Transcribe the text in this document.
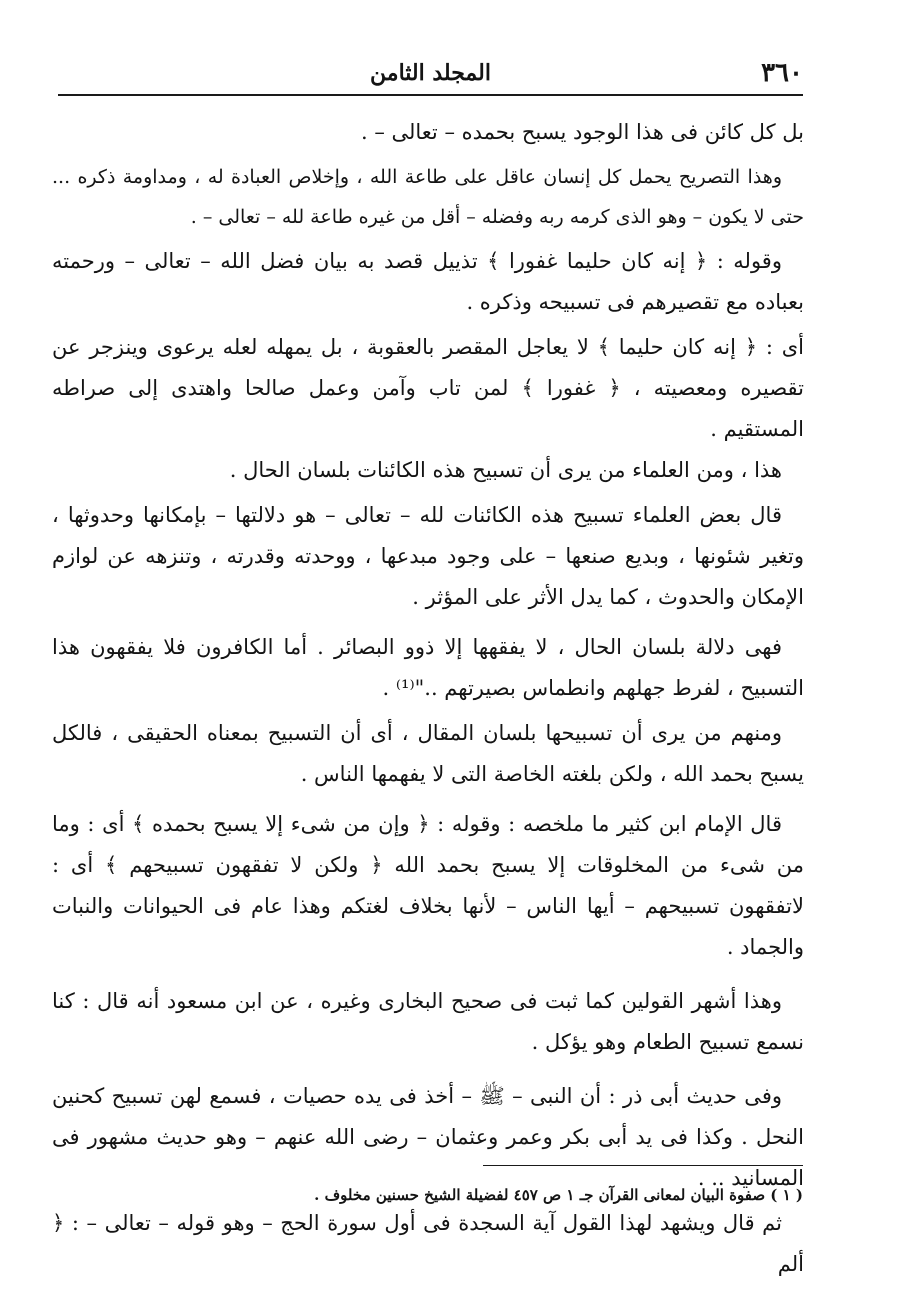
٣٦٠
المجلد الثامن

بل كل كائن فى هذا الوجود يسبح بحمده – تعالى – .

وهذا التصريح يحمل كل إنسان عاقل على طاعة الله ، وإخلاص العبادة له ، ومداومة ذكره ... حتى لا يكون – وهو الذى كرمه ربه وفضله – أقل من غيره طاعة لله – تعالى – .

وقوله : ﴿ إنه كان حليما غفورا ﴾ تذييل قصد به بيان فضل الله – تعالى – ورحمته بعباده مع تقصيرهم فى تسبيحه وذكره .

أى : ﴿ إنه كان حليما ﴾ لا يعاجل المقصر بالعقوبة ، بل يمهله لعله يرعوى وينزجر عن تقصيره ومعصيته ، ﴿ غفورا ﴾ لمن تاب وآمن وعمل صالحا واهتدى إلى صراطه المستقيم .

هذا ، ومن العلماء من يرى أن تسبيح هذه الكائنات بلسان الحال .

قال بعض العلماء تسبيح هذه الكائنات لله – تعالى – هو دلالتها – بإمكانها وحدوثها ، وتغير شئونها ، وبديع صنعها – على وجود مبدعها ، ووحدته وقدرته ، وتنزهه عن لوازم الإمكان والحدوث ، كما يدل الأثر على المؤثر .

فهى دلالة بلسان الحال ، لا يفقهها إلا ذوو البصائر . أما الكافرون فلا يفقهون هذا التسبيح ، لفرط جهلهم وانطماس بصيرتهم .."⁽¹⁾ .

ومنهم من يرى أن تسبيحها بلسان المقال ، أى أن التسبيح بمعناه الحقيقى ، فالكل يسبح بحمد الله ، ولكن بلغته الخاصة التى لا يفهمها الناس .

قال الإمام ابن كثير ما ملخصه : وقوله : ﴿ وإن من شىء إلا يسبح بحمده ﴾ أى : وما من شىء من المخلوقات إلا يسبح بحمد الله ﴿ ولكن لا تفقهون تسبيحهم ﴾ أى : لاتفقهون تسبيحهم – أيها الناس – لأنها بخلاف لغتكم وهذا عام فى الحيوانات والنبات والجماد .

وهذا أشهر القولين كما ثبت فى صحيح البخارى وغيره ، عن ابن مسعود أنه قال : كنا نسمع تسبيح الطعام وهو يؤكل .

وفى حديث أبى ذر : أن النبى – ﷺ – أخذ فى يده حصيات ، فسمع لهن تسبيح كحنين النحل . وكذا فى يد أبى بكر وعمر وعثمان – رضى الله عنهم – وهو حديث مشهور فى المسانيد .. .

ثم قال ويشهد لهذا القول آية السجدة فى أول سورة الحج – وهو قوله – تعالى – : ﴿ ألم

( ١ ) صفوة البيان لمعانى القرآن جـ ١ ص ٤٥٧ لفضيلة الشيخ حسنين مخلوف .
